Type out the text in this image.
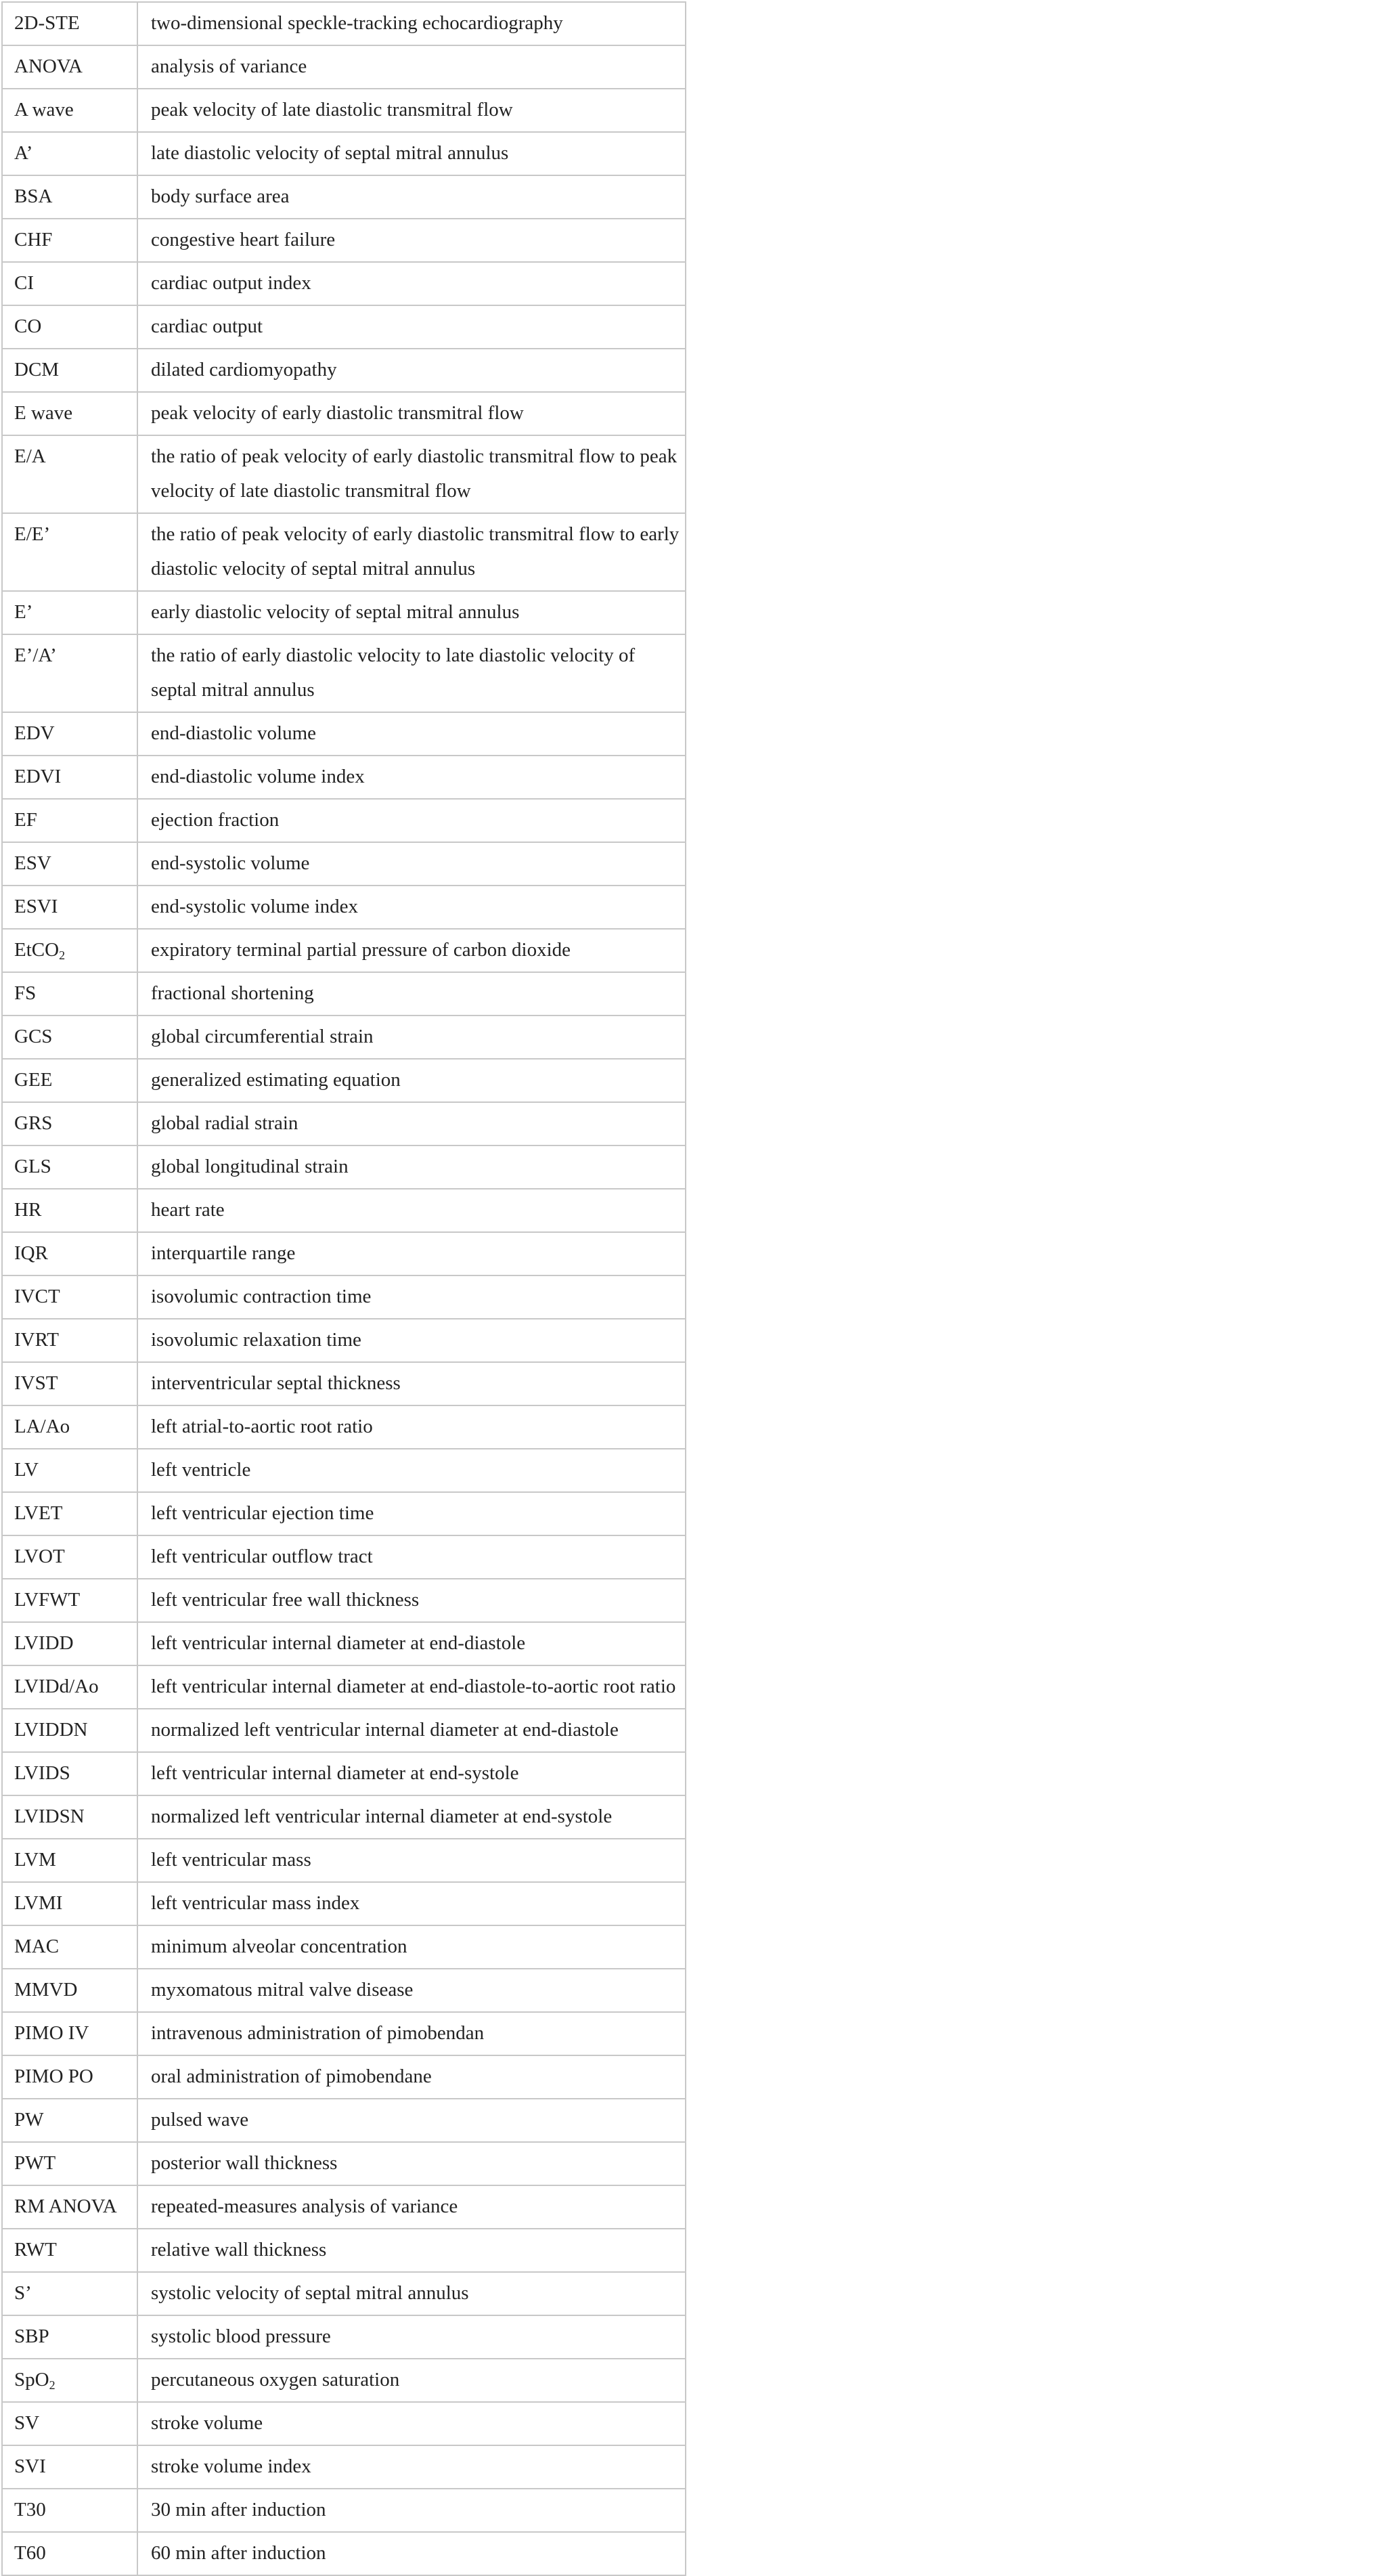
2D-STE	two-dimensional speckle-tracking echocardiography
ANOVA	analysis of variance
A wave	peak velocity of late diastolic transmitral flow
A’	late diastolic velocity of septal mitral annulus
BSA	body surface area
CHF	congestive heart failure
CI	cardiac output index
CO	cardiac output
DCM	dilated cardiomyopathy
E wave	peak velocity of early diastolic transmitral flow
E/A	the ratio of peak velocity of early diastolic transmitral flow to peak velocity of late diastolic transmitral flow
E/E’	the ratio of peak velocity of early diastolic transmitral flow to early diastolic velocity of septal mitral annulus
E’	early diastolic velocity of septal mitral annulus
E’/A’	the ratio of early diastolic velocity to late diastolic velocity of septal mitral annulus
EDV	end-diastolic volume
EDVI	end-diastolic volume index
EF	ejection fraction
ESV	end-systolic volume
ESVI	end-systolic volume index
EtCO$_2$	expiratory terminal partial pressure of carbon dioxide
FS	fractional shortening
GCS	global circumferential strain
GEE	generalized estimating equation
GRS	global radial strain
GLS	global longitudinal strain
HR	heart rate
IQR	interquartile range
IVCT	isovolumic contraction time
IVRT	isovolumic relaxation time
IVST	interventricular septal thickness
LA/Ao	left atrial-to-aortic root ratio
LV	left ventricle
LVET	left ventricular ejection time
LVOT	left ventricular outflow tract
LVFWT	left ventricular free wall thickness
LVIDD	left ventricular internal diameter at end-diastole
LVIDd/Ao	left ventricular internal diameter at end-diastole-to-aortic root ratio
LVIDDN	normalized left ventricular internal diameter at end-diastole
LVIDS	left ventricular internal diameter at end-systole
LVIDSN	normalized left ventricular internal diameter at end-systole
LVM	left ventricular mass
LVMI	left ventricular mass index
MAC	minimum alveolar concentration
MMVD	myxomatous mitral valve disease
PIMO IV	intravenous administration of pimobendan
PIMO PO	oral administration of pimobendane
PW	pulsed wave
PWT	posterior wall thickness
RM ANOVA	repeated-measures analysis of variance
RWT	relative wall thickness
S’	systolic velocity of septal mitral annulus
SBP	systolic blood pressure
SpO$_2$	percutaneous oxygen saturation
SV	stroke volume
SVI	stroke volume index
T30	30 min after induction
T60	60 min after induction
